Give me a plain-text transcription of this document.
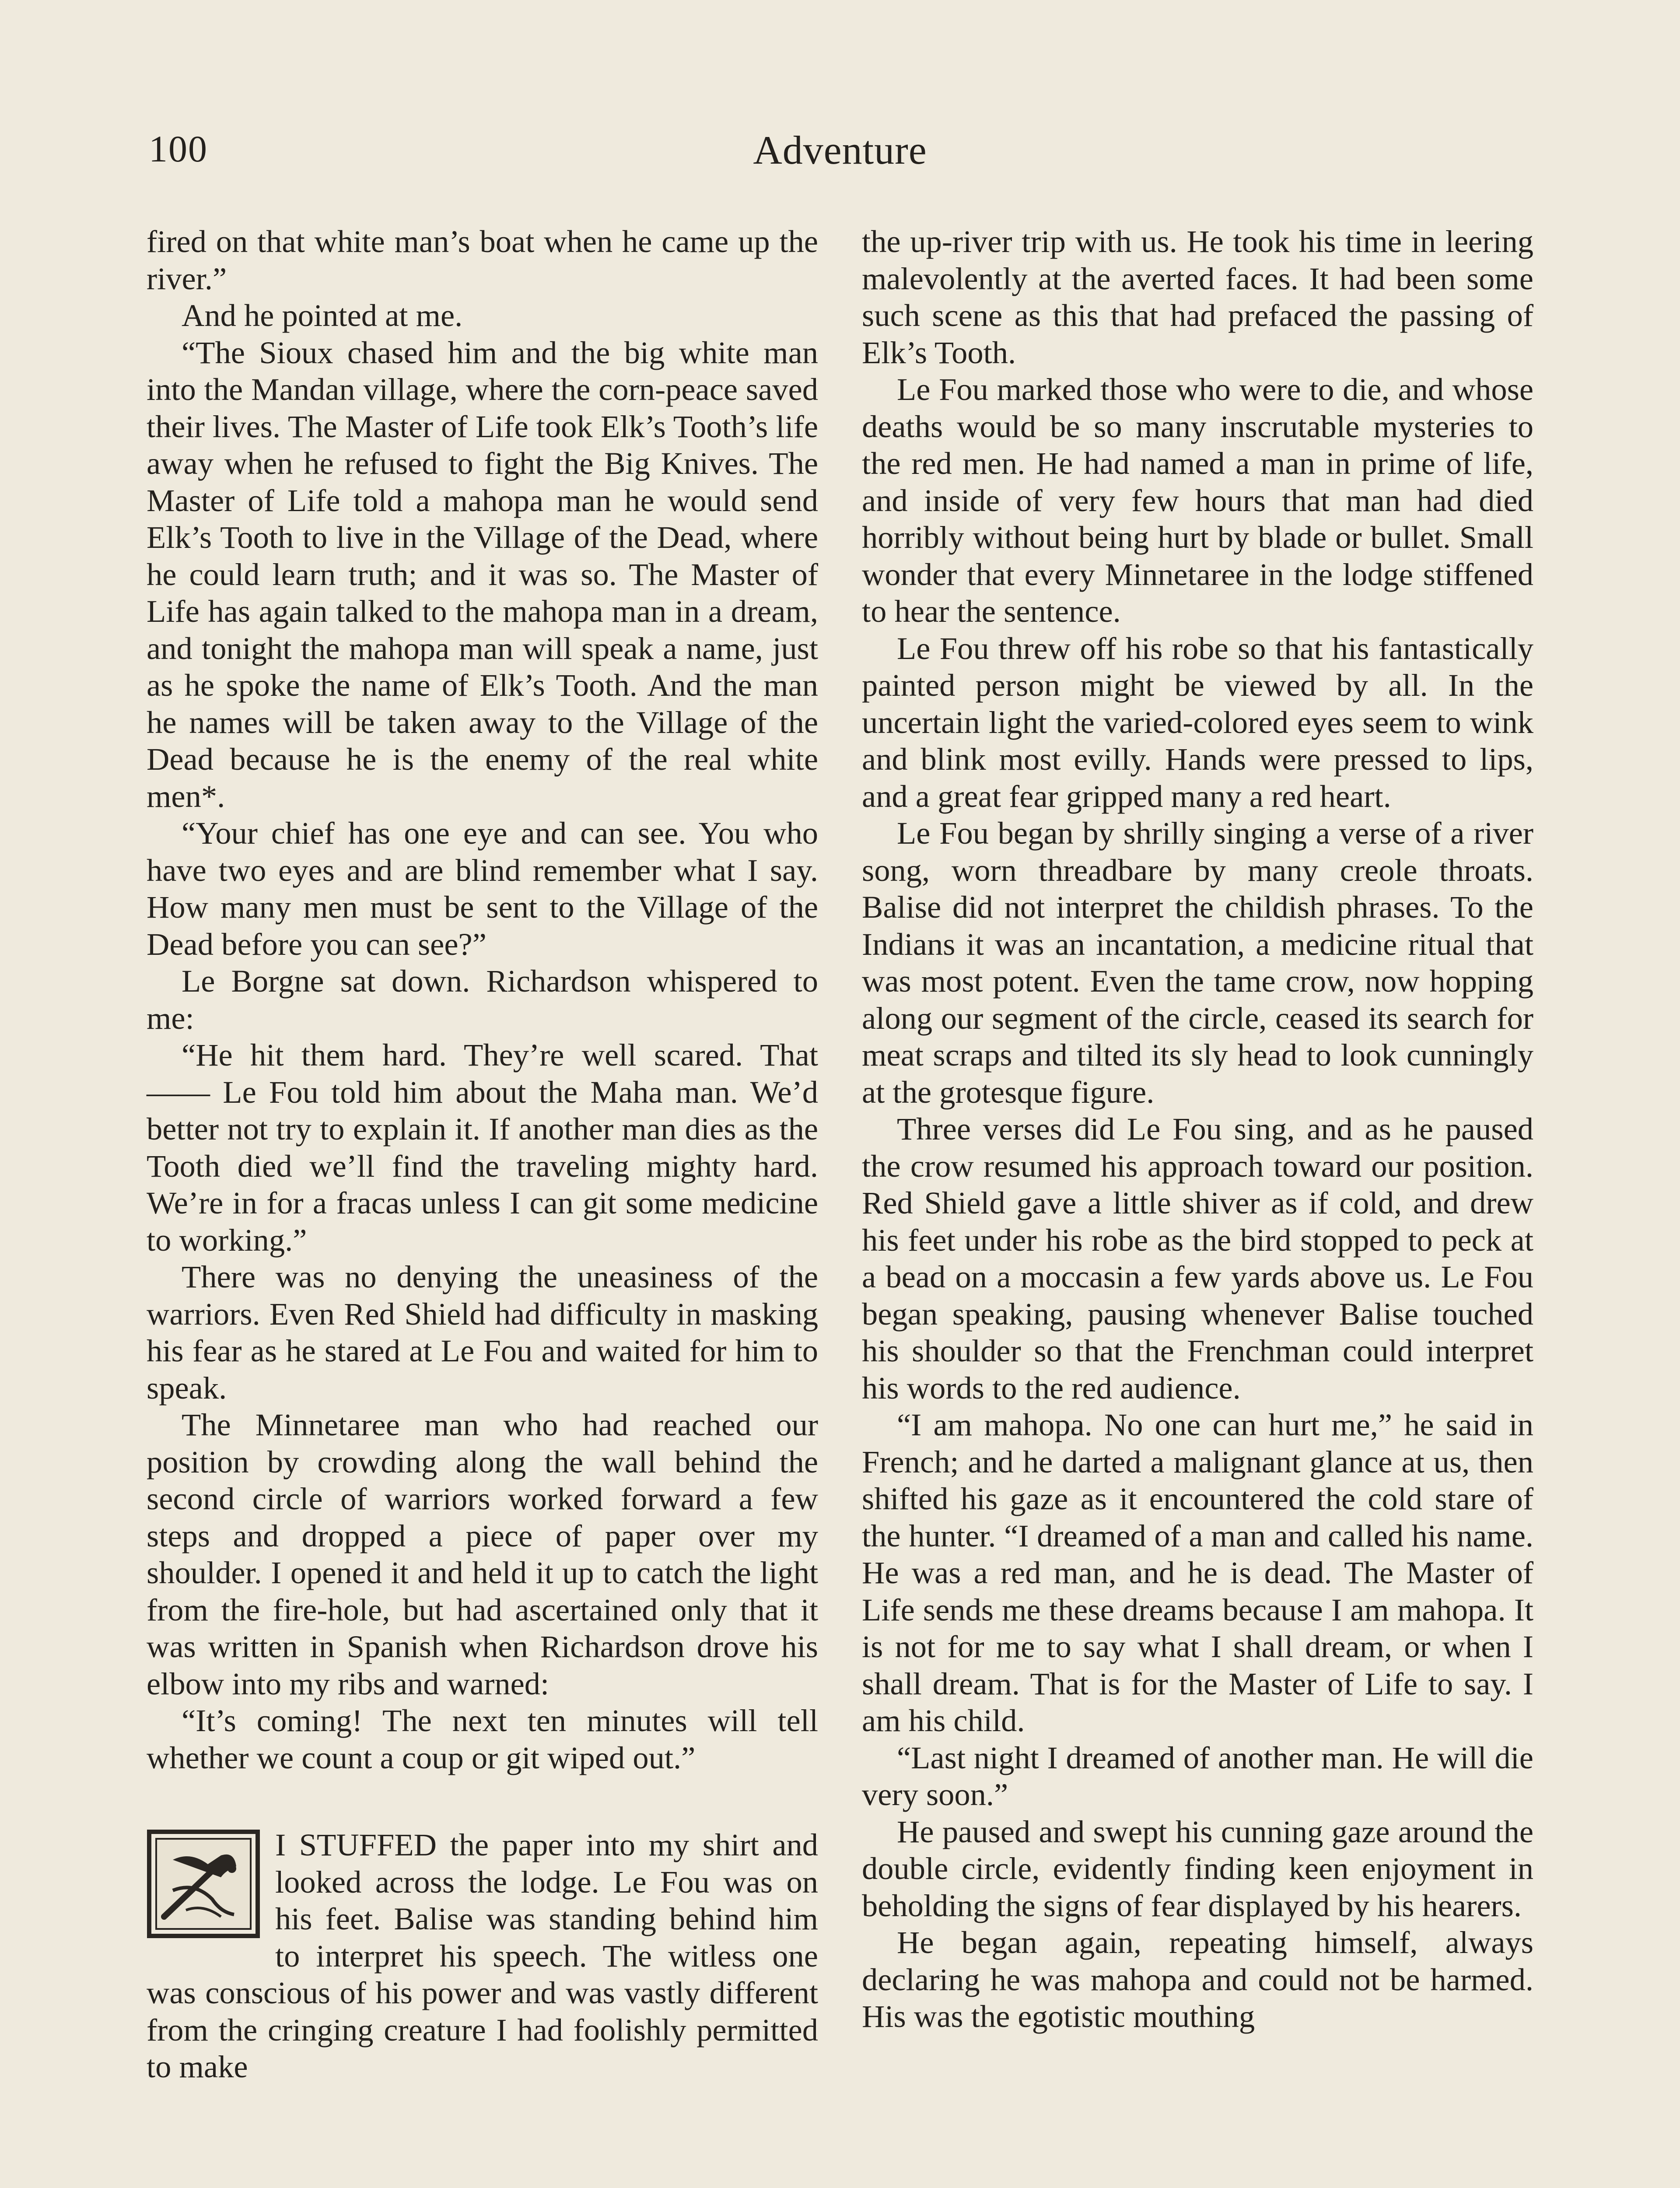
100	Adventure

fired on that white man’s boat when he came up the river.”

And he pointed at me.

“The Sioux chased him and the big white man into the Mandan village, where the corn-peace saved their lives. The Master of Life took Elk’s Tooth’s life away when he refused to fight the Big Knives. The Master of Life told a mahopa man he would send Elk’s Tooth to live in the Village of the Dead, where he could learn truth; and it was so. The Master of Life has again talked to the mahopa man in a dream, and tonight the mahopa man will speak a name, just as he spoke the name of Elk’s Tooth. And the man he names will be taken away to the Village of the Dead because he is the enemy of the real white men*.

“Your chief has one eye and can see. You who have two eyes and are blind remember what I say. How many men must be sent to the Village of the Dead before you can see?”

Le Borgne sat down. Richardson whispered to me:

“He hit them hard. They’re well scared. That —— Le Fou told him about the Maha man. We’d better not try to explain it. If another man dies as the Tooth died we’ll find the traveling mighty hard. We’re in for a fracas unless I can git some medicine to working.”

There was no denying the uneasiness of the warriors. Even Red Shield had difficulty in masking his fear as he stared at Le Fou and waited for him to speak.

The Minnetaree man who had reached our position by crowding along the wall behind the second circle of warriors worked forward a few steps and dropped a piece of paper over my shoulder. I opened it and held it up to catch the light from the fire-hole, but had ascertained only that it was written in Spanish when Richardson drove his elbow into my ribs and warned:

“It’s coming! The next ten minutes will tell whether we count a coup or git wiped out.”

I STUFFED the paper into my shirt and looked across the lodge. Le Fou was on his feet. Balise was standing behind him to interpret his speech. The witless one was conscious of his power and was vastly different from the cringing creature I had foolishly permitted to make

the up-river trip with us. He took his time in leering malevolently at the averted faces. It had been some such scene as this that had prefaced the passing of Elk’s Tooth.

Le Fou marked those who were to die, and whose deaths would be so many inscrutable mysteries to the red men. He had named a man in prime of life, and inside of very few hours that man had died horribly without being hurt by blade or bullet. Small wonder that every Minnetaree in the lodge stiffened to hear the sentence.

Le Fou threw off his robe so that his fantastically painted person might be viewed by all. In the uncertain light the varied-colored eyes seem to wink and blink most evilly. Hands were pressed to lips, and a great fear gripped many a red heart.

Le Fou began by shrilly singing a verse of a river song, worn threadbare by many creole throats. Balise did not interpret the childish phrases. To the Indians it was an incantation, a medicine ritual that was most potent. Even the tame crow, now hopping along our segment of the circle, ceased its search for meat scraps and tilted its sly head to look cunningly at the grotesque figure.

Three verses did Le Fou sing, and as he paused the crow resumed his approach toward our position. Red Shield gave a little shiver as if cold, and drew his feet under his robe as the bird stopped to peck at a bead on a moccasin a few yards above us. Le Fou began speaking, pausing whenever Balise touched his shoulder so that the Frenchman could interpret his words to the red audience.

“I am mahopa. No one can hurt me,” he said in French; and he darted a malignant glance at us, then shifted his gaze as it encountered the cold stare of the hunter. “I dreamed of a man and called his name. He was a red man, and he is dead. The Master of Life sends me these dreams because I am mahopa. It is not for me to say what I shall dream, or when I shall dream. That is for the Master of Life to say. I am his child.

“Last night I dreamed of another man. He will die very soon.”

He paused and swept his cunning gaze around the double circle, evidently finding keen enjoyment in beholding the signs of fear displayed by his hearers.

He began again, repeating himself, always declaring he was mahopa and could not be harmed. His was the egotistic mouthing
